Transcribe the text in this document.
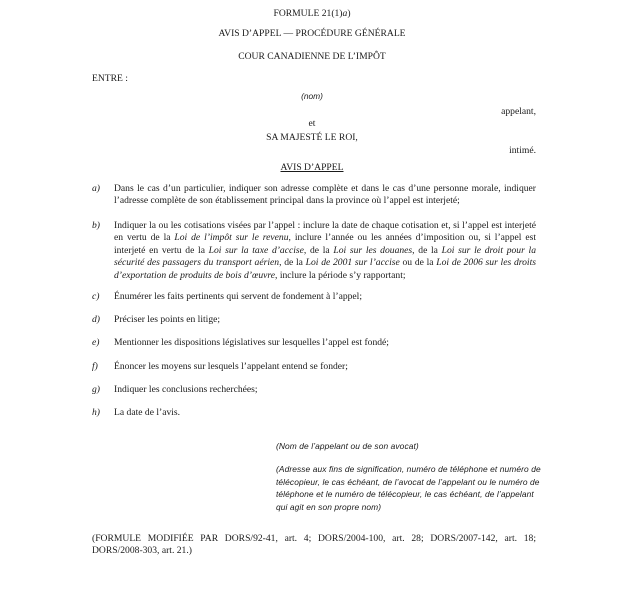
FORMULE 21(1)a)
AVIS D’APPEL — PROCÉDURE GÉNÉRALE
COUR CANADIENNE DE L’IMPÔT
ENTRE :
(nom)
appelant,
et
SA MAJESTÉ LE ROI,
intimé.
AVIS D’APPEL
a) Dans le cas d’un particulier, indiquer son adresse complète et dans le cas d’une personne morale, indiquer l’adresse complète de son établissement principal dans la province où l’appel est interjeté;
b) Indiquer la ou les cotisations visées par l’appel : inclure la date de chaque cotisation et, si l’appel est interjeté en vertu de la Loi de l’impôt sur le revenu, inclure l’année ou les années d’imposition ou, si l’appel est interjeté en vertu de la Loi sur la taxe d’accise, de la Loi sur les douanes, de la Loi sur le droit pour la sécurité des passagers du transport aérien, de la Loi de 2001 sur l’accise ou de la Loi de 2006 sur les droits d’exportation de produits de bois d’œuvre, inclure la période s’y rapportant;
c) Énumérer les faits pertinents qui servent de fondement à l’appel;
d) Préciser les points en litige;
e) Mentionner les dispositions législatives sur lesquelles l’appel est fondé;
f) Énoncer les moyens sur lesquels l’appelant entend se fonder;
g) Indiquer les conclusions recherchées;
h) La date de l’avis.
(Nom de l’appelant ou de son avocat)
(Adresse aux fins de signification, numéro de téléphone et numéro de télécopieur, le cas échéant, de l’avocat de l’appelant ou le numéro de téléphone et le numéro de télécopieur, le cas échéant, de l’appelant qui agit en son propre nom)
(FORMULE MODIFIÉE PAR DORS/92-41, art. 4; DORS/2004-100, art. 28; DORS/2007-142, art. 18; DORS/2008-303, art. 21.)
